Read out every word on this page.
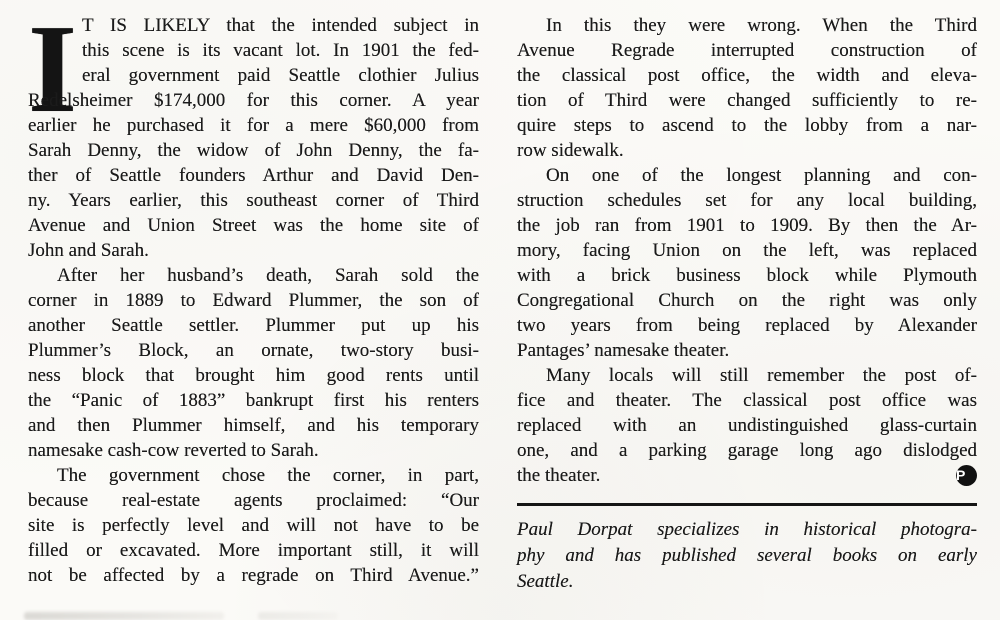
I T IS LIKELY that the intended subject in
this scene is its vacant lot. In 1901 the fed-
eral government paid Seattle clothier Julius
Redelsheimer $174,000 for this corner. A year
earlier he purchased it for a mere $60,000 from
Sarah Denny, the widow of John Denny, the fa-
ther of Seattle founders Arthur and David Den-
ny. Years earlier, this southeast corner of Third
Avenue and Union Street was the home site of
John and Sarah.
After her husband’s death, Sarah sold the
corner in 1889 to Edward Plummer, the son of
another Seattle settler. Plummer put up his
Plummer’s Block, an ornate, two-story busi-
ness block that brought him good rents until
the “Panic of 1883” bankrupt first his renters
and then Plummer himself, and his temporary
namesake cash-cow reverted to Sarah.
The government chose the corner, in part,
because real-estate agents proclaimed: “Our
site is perfectly level and will not have to be
filled or excavated. More important still, it will
not be affected by a regrade on Third Avenue.”
In this they were wrong. When the Third
Avenue Regrade interrupted construction of
the classical post office, the width and eleva-
tion of Third were changed sufficiently to re-
quire steps to ascend to the lobby from a nar-
row sidewalk.
On one of the longest planning and con-
struction schedules set for any local building,
the job ran from 1901 to 1909. By then the Ar-
mory, facing Union on the left, was replaced
with a brick business block while Plymouth
Congregational Church on the right was only
two years from being replaced by Alexander
Pantages’ namesake theater.
Many locals will still remember the post of-
fice and theater. The classical post office was
replaced with an undistinguished glass-curtain
one, and a parking garage long ago dislodged
the theater.	P
Paul Dorpat specializes in historical photogra-
phy and has published several books on early
Seattle.
